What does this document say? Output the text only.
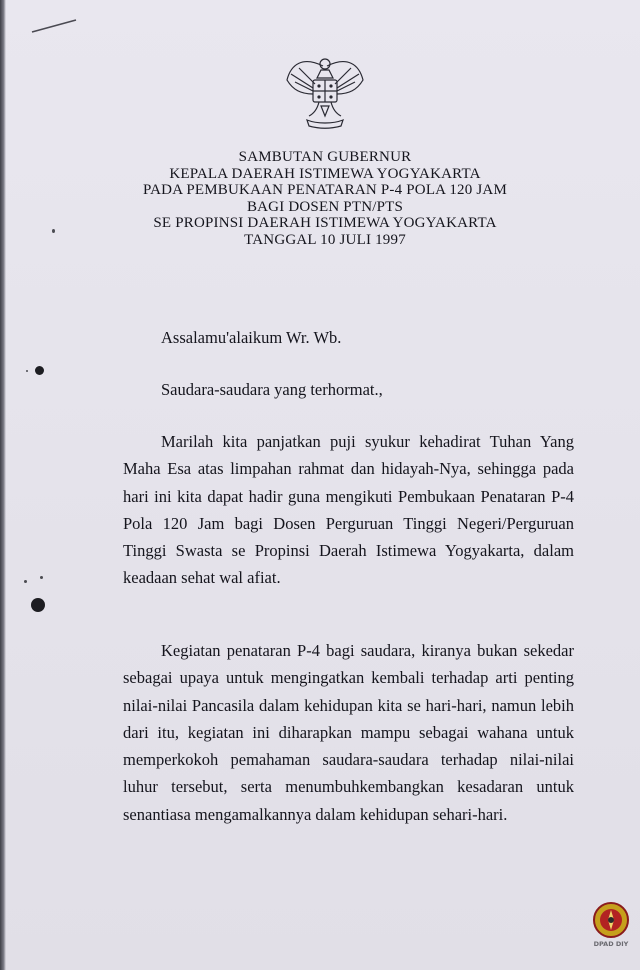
SAMBUTAN GUBERNUR
KEPALA DAERAH ISTIMEWA YOGYAKARTA
PADA PEMBUKAAN PENATARAN P-4 POLA 120 JAM
BAGI DOSEN PTN/PTS
SE PROPINSI DAERAH ISTIMEWA YOGYAKARTA
TANGGAL 10 JULI 1997
Assalamu'alaikum Wr. Wb.
Saudara-saudara yang terhormat.,

Marilah kita panjatkan puji syukur kehadirat Tuhan Yang Maha Esa atas limpahan rahmat dan hidayah-Nya, sehingga pada hari ini kita dapat hadir guna mengikuti Pembukaan Penataran P-4 Pola 120 Jam bagi Dosen Perguruan Tinggi Negeri/Perguruan Tinggi Swasta se Propinsi Daerah Istimewa Yogyakarta, dalam keadaan sehat wal afiat.

Kegiatan penataran P-4 bagi saudara, kiranya bukan sekedar sebagai upaya untuk mengingatkan kembali terhadap arti penting nilai-nilai Pancasila dalam kehidupan kita se hari-hari, namun lebih dari itu, kegiatan ini diharapkan mampu sebagai wahana untuk memperkokoh pemahaman saudara-saudara terhadap nilai-nilai luhur tersebut, serta menumbuhkembangkan kesadaran untuk senantiasa mengamalkannya dalam kehidupan sehari-hari.

DPAD DIY
